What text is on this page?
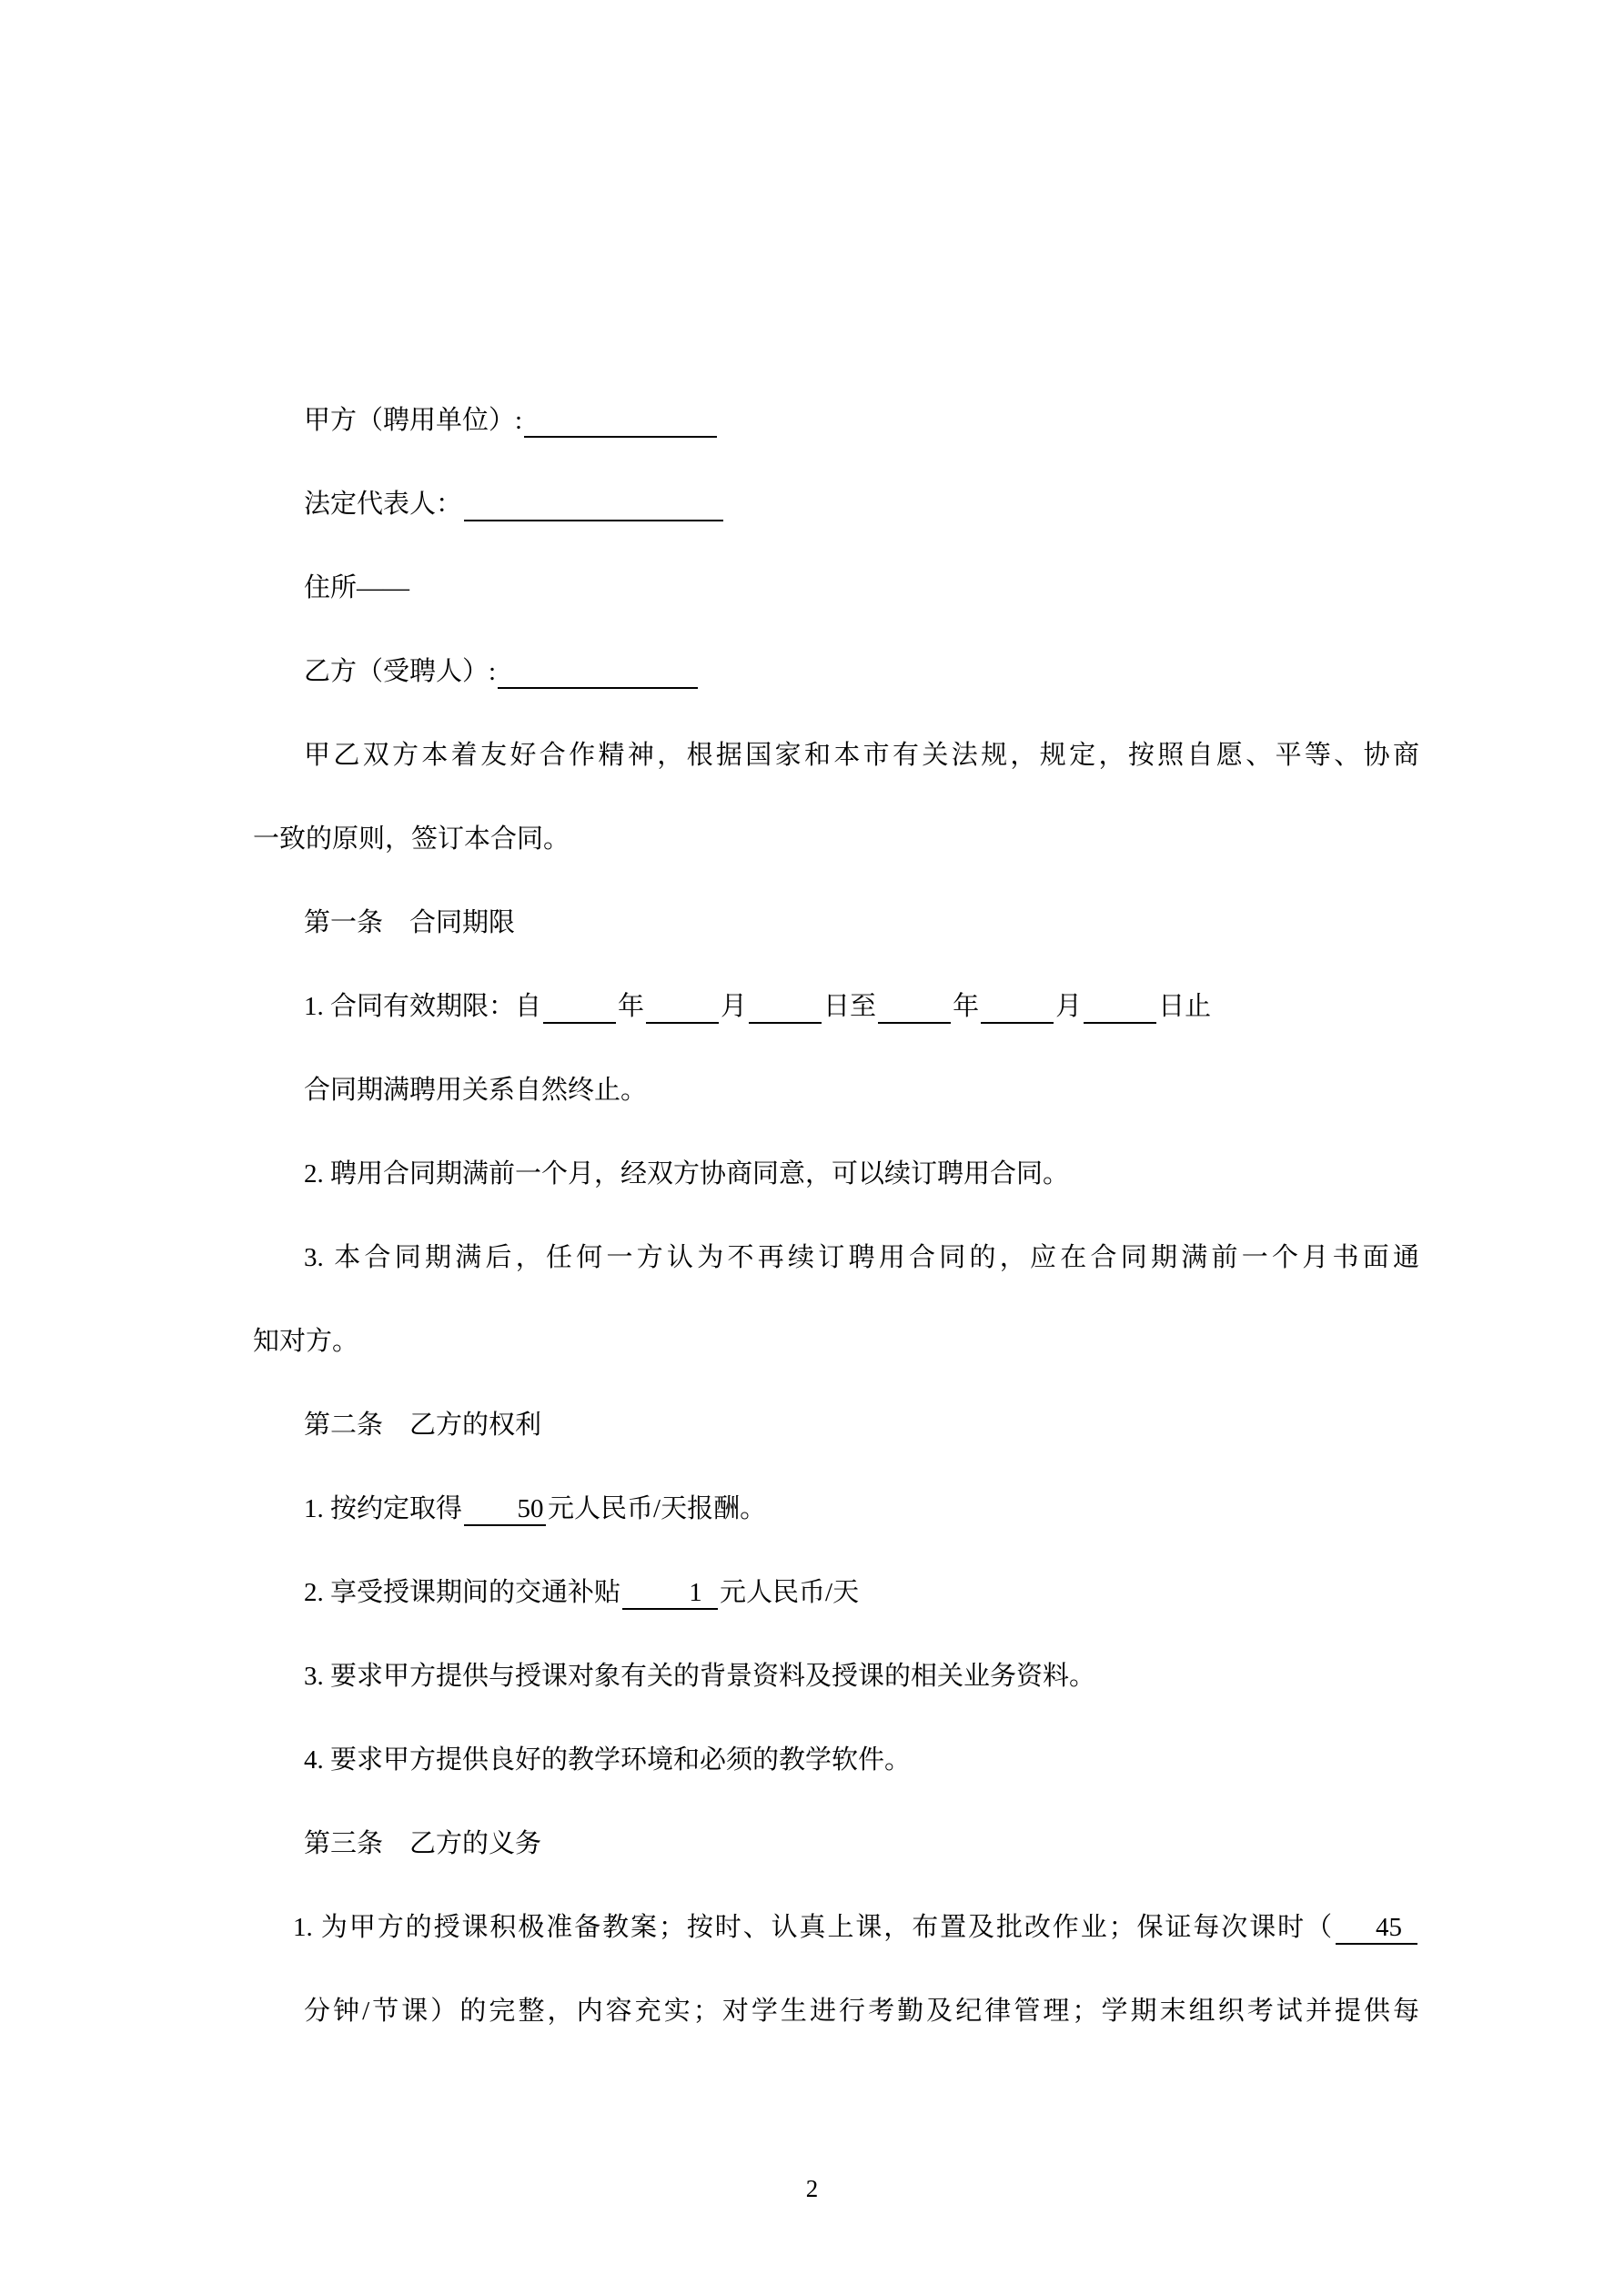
甲方（聘用单位）:​

法定代表人：​

住所——

乙方（受聘人）:​

甲乙双方本着友好合作精神，根据国家和本市有关法规，规定，按照自愿、平等、协商

一致的原则，签订本合同。

第一条　合同期限

1. 合同有效期限：自 ​	年 ​	月 ​	日至 ​	年 ​	月 ​	日止

合同期满聘用关系自然终止。

2. 聘用合同期满前一个月，经双方协商同意，可以续订聘用合同。

3. 本合同期满后，任何一方认为不再续订聘用合同的，应在合同期满前一个月书面通

知对方。

第二条　乙方的权利

1. 按约定取得 50 元人民币/天报酬。

2. 享受授课期间的交通补贴	1 元人民币/天

3. 要求甲方提供与授课对象有关的背景资料及授课的相关业务资料。

4. 要求甲方提供良好的教学环境和必须的教学软件。

第三条　乙方的义务

1. 为甲方的授课积极准备教案；按时、认真上课，布置及批改作业；保证每次课时（ 45

分钟/节课）的完整，内容充实；对学生进行考勤及纪律管理；学期末组织考试并提供每

2
